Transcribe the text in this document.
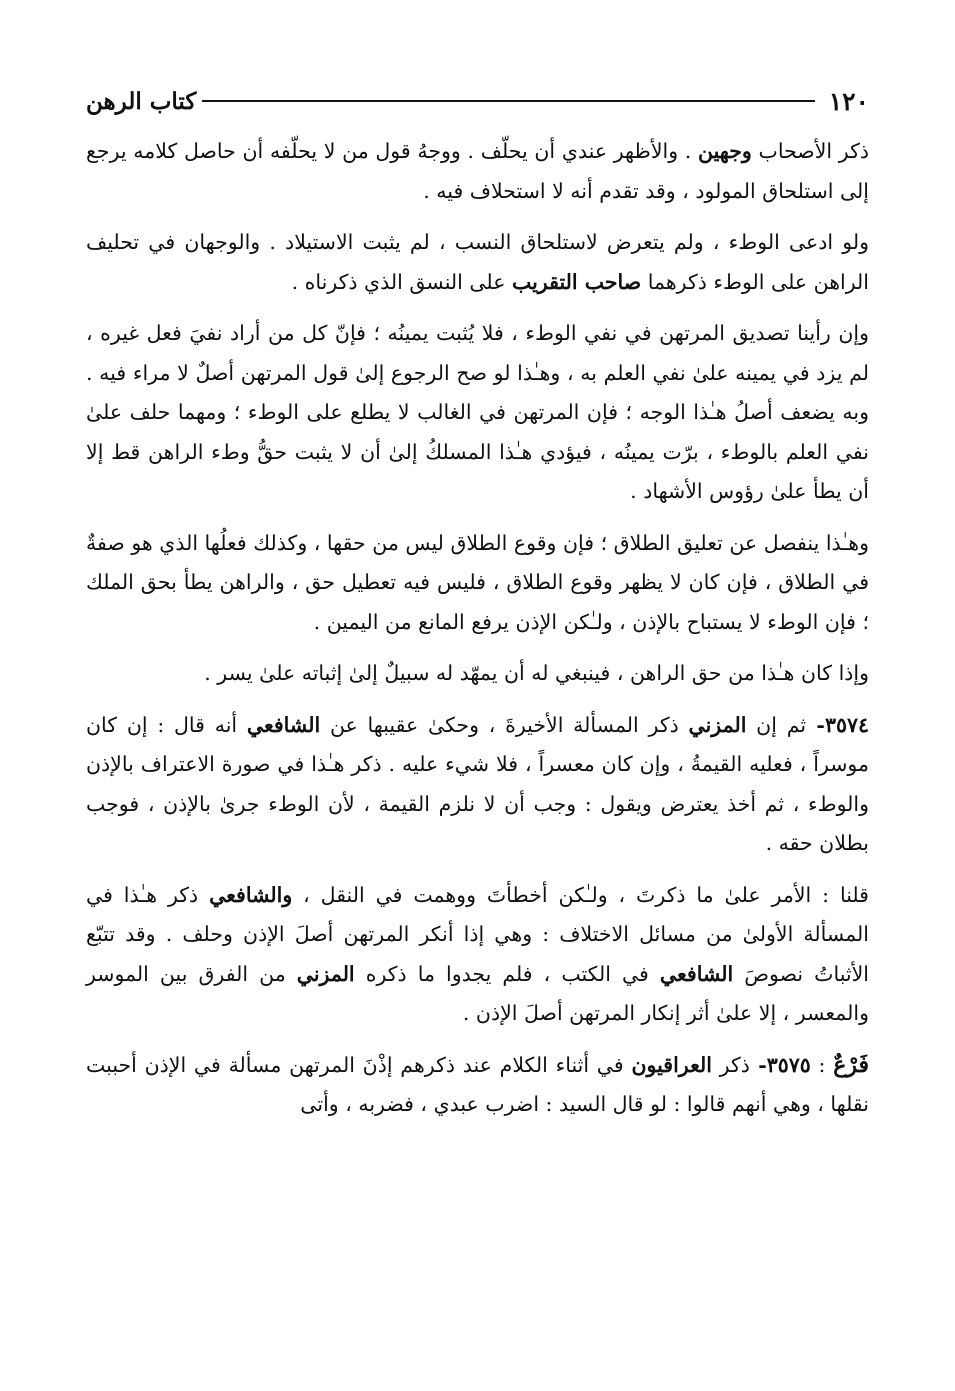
١٢٠
كتاب الرهن

ذكر الأصحاب وجهين . والأظهر عندي أن يحلّف . ووجهُ قول من لا يحلّفه أن حاصل كلامه يرجع إلى استلحاق المولود ، وقد تقدم أنه لا استحلاف فيه .

ولو ادعى الوطء ، ولم يتعرض لاستلحاق النسب ، لم يثبت الاستيلاد . والوجهان في تحليف الراهن على الوطء ذكرهما صاحب التقريب على النسق الذي ذكرناه .

وإن رأينا تصديق المرتهن في نفي الوطء ، فلا يُثبت يمينُه ؛ فإنّ كل من أراد نفيَ فعل غيره ، لم يزد في يمينه علىٰ نفي العلم به ، وهـٰذا لو صح الرجوع إلىٰ قول المرتهن أصلٌ لا مراء فيه . وبه يضعف أصلُ هـٰذا الوجه ؛ فإن المرتهن في الغالب لا يطلع على الوطء ؛ ومهما حلف علىٰ نفي العلم بالوطء ، برّت يمينُه ، فيؤدي هـٰذا المسلكُ إلىٰ أن لا يثبت حقُّ وطء الراهن قط إلا أن يطأ علىٰ رؤوس الأشهاد .

وهـٰذا ينفصل عن تعليق الطلاق ؛ فإن وقوع الطلاق ليس من حقها ، وكذلك فعلُها الذي هو صفةٌ في الطلاق ، فإن كان لا يظهر وقوع الطلاق ، فليس فيه تعطيل حق ، والراهن يطأ بحق الملك ؛ فإن الوطء لا يستباح بالإذن ، ولـٰكن الإذن يرفع المانع من اليمين .

وإذا كان هـٰذا من حق الراهن ، فينبغي له أن يمهّد له سبيلٌ إلىٰ إثباته علىٰ يسر .

٣٥٧٤- ثم إن المزني ذكر المسألة الأخيرةَ ، وحكىٰ عقيبها عن الشافعي أنه قال : إن كان موسراً ، فعليه القيمةُ ، وإن كان معسراً ، فلا شيء عليه . ذكر هـٰذا في صورة الاعتراف بالإذن والوطء ، ثم أخذ يعترض ويقول : وجب أن لا نلزم القيمة ، لأن الوطء جرىٰ بالإذن ، فوجب بطلان حقه .

قلنا : الأمر علىٰ ما ذكرتَ ، ولـٰكن أخطأتَ ووهمت في النقل ، والشافعي ذكر هـٰذا في المسألة الأولىٰ من مسائل الاختلاف : وهي إذا أنكر المرتهن أصلَ الإذن وحلف . وقد تتبّع الأثباتُ نصوصَ الشافعي في الكتب ، فلم يجدوا ما ذكره المزني من الفرق بين الموسر والمعسر ، إلا علىٰ أثر إنكار المرتهن أصلَ الإذن .

فَرْعٌ : ٣٥٧٥- ذكر العراقيون في أثناء الكلام عند ذكرهم إذْنَ المرتهن مسألة في الإذن أحببت نقلها ، وهي أنهم قالوا : لو قال السيد : اضرب عبدي ، فضربه ، وأتى
